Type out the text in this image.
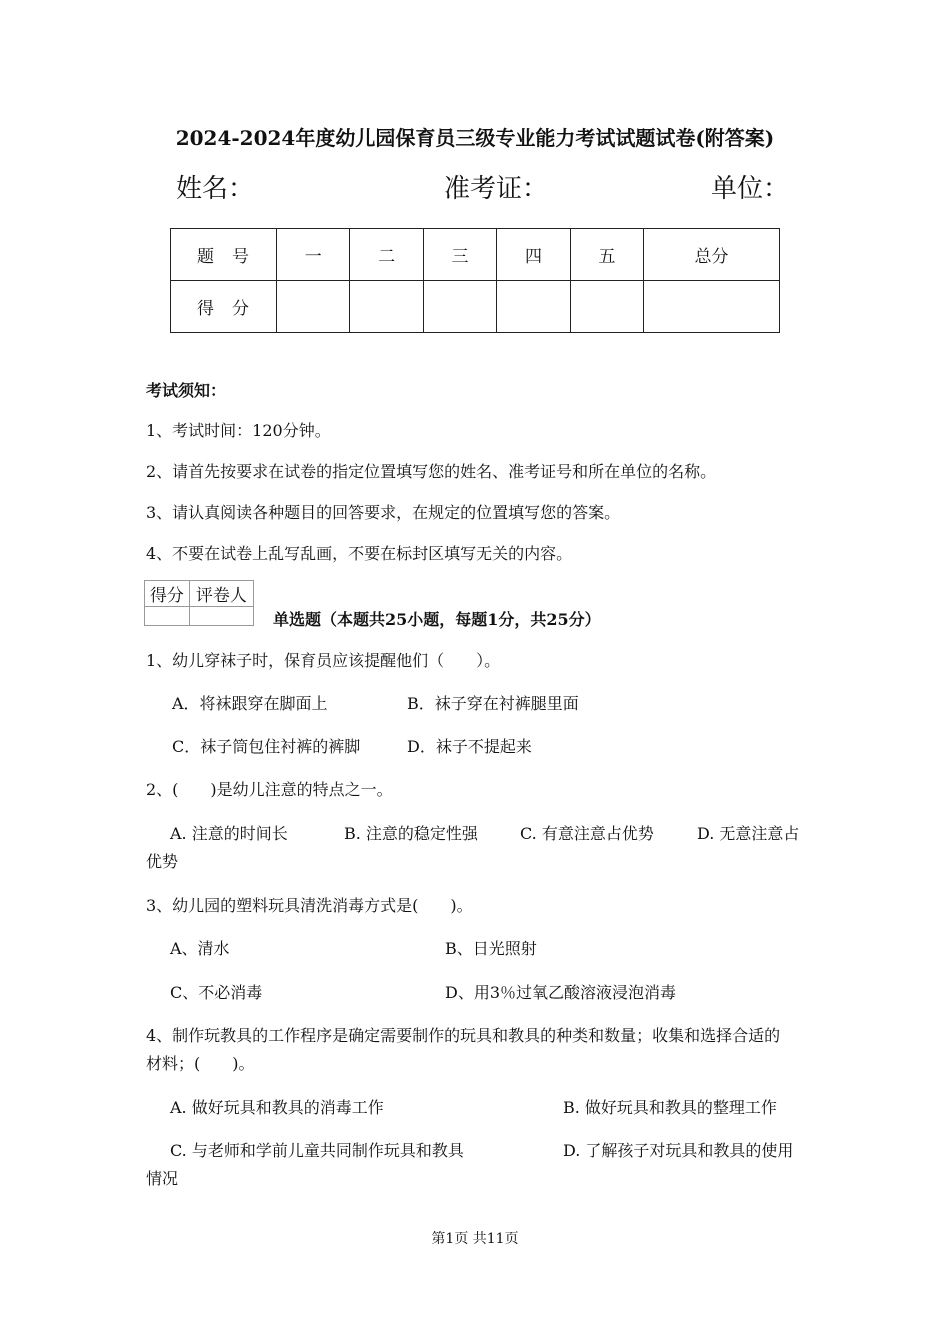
2024-2024年度幼儿园保育员三级专业能力考试试题试卷(附答案)
姓名：	准考证：	单位：
题号	一	二	三	四	五	总分
得分						
考试须知：
1、考试时间：120分钟。
2、请首先按要求在试卷的指定位置填写您的姓名、准考证号和所在单位的名称。
3、请认真阅读各种题目的回答要求，在规定的位置填写您的答案。
4、不要在试卷上乱写乱画，不要在标封区填写无关的内容。
得分	评卷人

单选题（本题共25小题，每题1分，共25分）
1、幼儿穿袜子时，保育员应该提醒他们（　　）。
A．将袜跟穿在脚面上	B．袜子穿在衬裤腿里面
C．袜子筒包住衬裤的裤脚	D．袜子不提起来
2、(　　)是幼儿注意的特点之一。
A. 注意的时间长	B. 注意的稳定性强	C. 有意注意占优势	D. 无意注意占
优势
3、幼儿园的塑料玩具清洗消毒方式是(　　)。
A、清水	B、日光照射
C、不必消毒	D、用3％过氧乙酸溶液浸泡消毒
4、制作玩教具的工作程序是确定需要制作的玩具和教具的种类和数量；收集和选择合适的
材料；(　　)。
A. 做好玩具和教具的消毒工作	B. 做好玩具和教具的整理工作
C. 与老师和学前儿童共同制作玩具和教具	D. 了解孩子对玩具和教具的使用
情况
第1页 共11页
